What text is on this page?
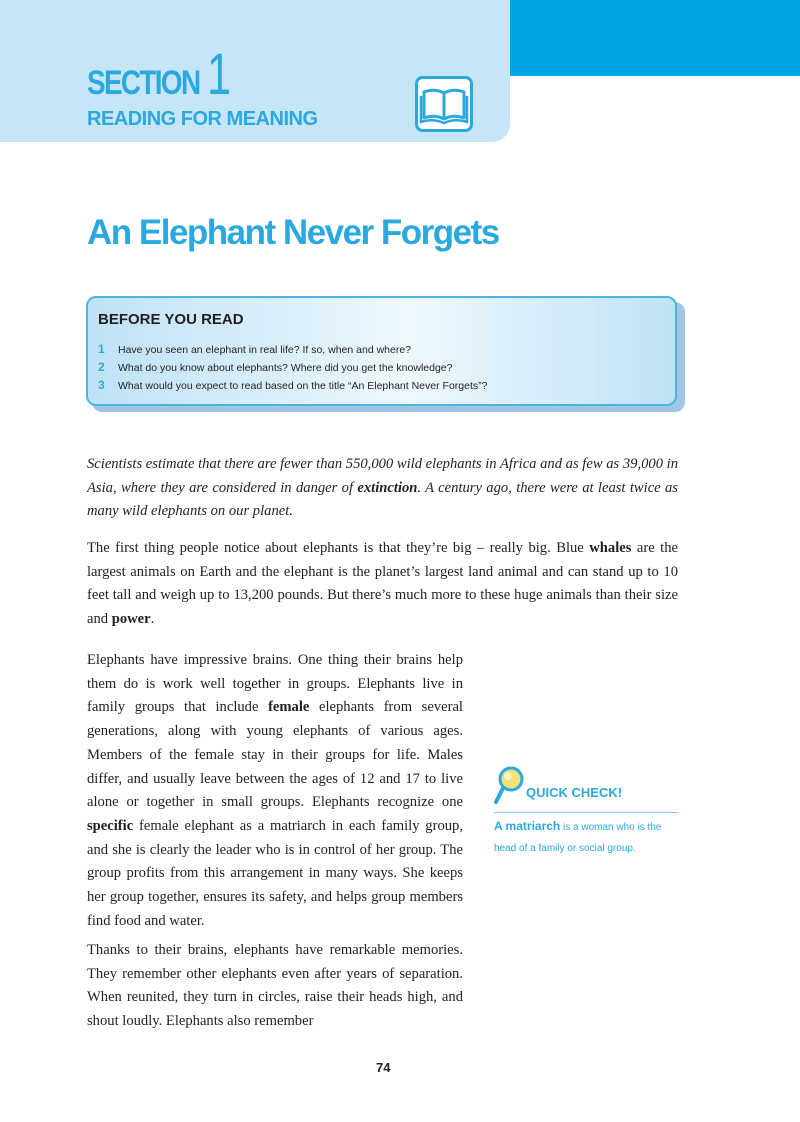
SECTION 1
READING FOR MEANING
An Elephant Never Forgets
BEFORE YOU READ
1 Have you seen an elephant in real life? If so, when and where?
2 What do you know about elephants? Where did you get the knowledge?
3 What would you expect to read based on the title “An Elephant Never Forgets”?

Scientists estimate that there are fewer than 550,000 wild elephants in Africa and as few as 39,000 in Asia, where they are considered in danger of extinction. A century ago, there were at least twice as many wild elephants on our planet.

The first thing people notice about elephants is that they’re big – really big. Blue whales are the largest animals on Earth and the elephant is the planet’s largest land animal and can stand up to 10 feet tall and weigh up to 13,200 pounds. But there’s much more to these huge animals than their size and power.

Elephants have impressive brains. One thing their brains help them do is work well together in groups. Elephants live in family groups that include female elephants from several generations, along with young elephants of various ages. Members of the female stay in their groups for life. Males differ, and usually leave between the ages of 12 and 17 to live alone or together in small groups. Elephants recognize one specific female elephant as a matriarch in each family group, and she is clearly the leader who is in control of her group. The group profits from this arrangement in many ways. She keeps her group together, ensures its safety, and helps group members find food and water.

Thanks to their brains, elephants have remarkable memories. They remember other elephants even after years of separation. When reunited, they turn in circles, raise their heads high, and shout loudly. Elephants also remember

QUICK CHECK!
A matriarch is a woman who is the head of a family or social group.
74
